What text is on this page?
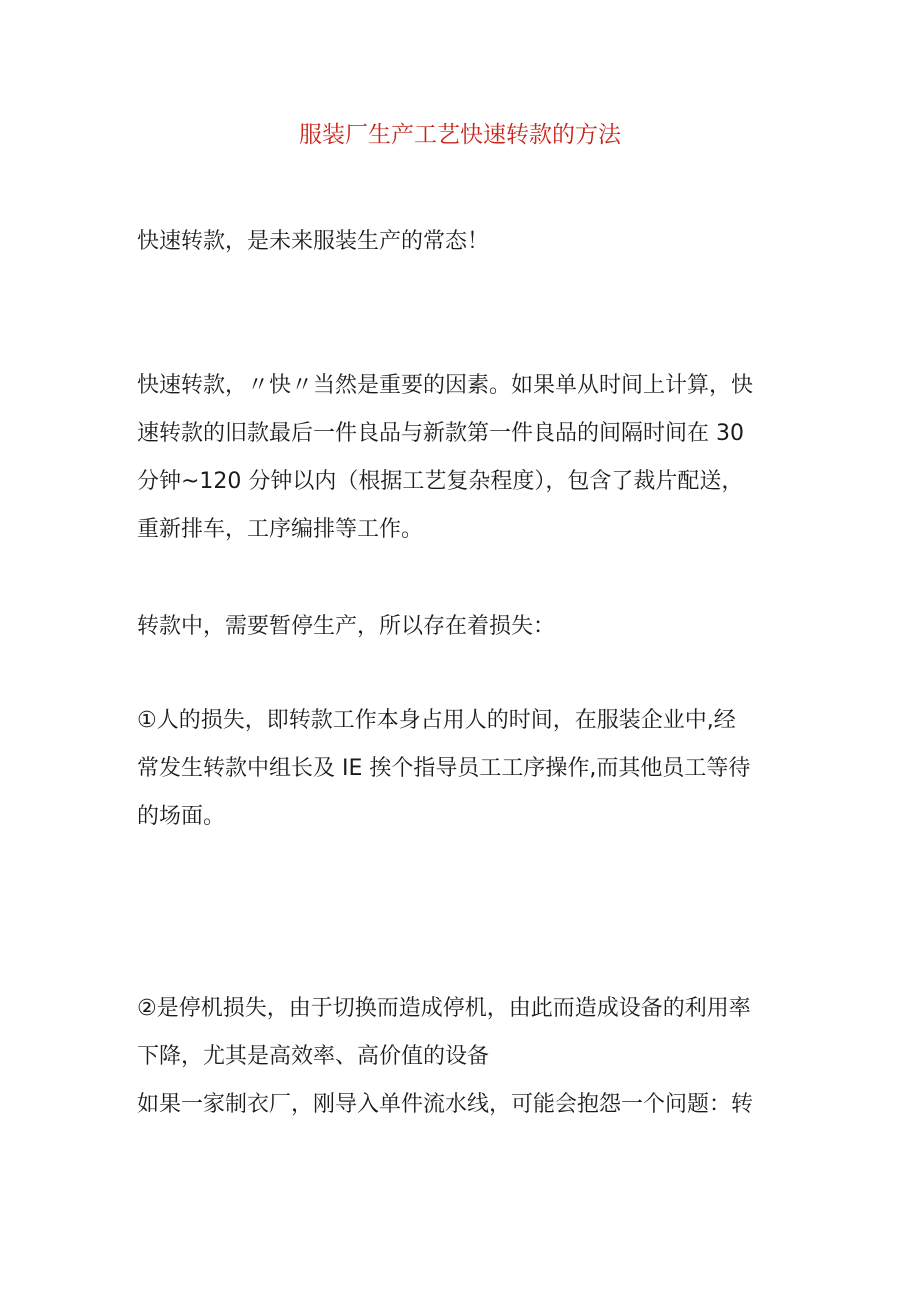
服装厂生产工艺快速转款的方法

快速转款，是未来服装生产的常态！

快速转款，〃快〃当然是重要的因素。如果单从时间上计算，快
速转款的旧款最后一件良品与新款第一件良品的间隔时间在 30
分钟~120 分钟以内（根据工艺复杂程度），包含了裁片配送，
重新排车，工序编排等工作。

转款中，需要暂停生产，所以存在着损失：

①人的损失，即转款工作本身占用人的时间，在服装企业中,经
常发生转款中组长及 IE 挨个指导员工工序操作,而其他员工等待
的场面。

②是停机损失，由于切换而造成停机，由此而造成设备的利用率
下降，尤其是高效率、高价值的设备
如果一家制衣厂，刚导入单件流水线，可能会抱怨一个问题：转
